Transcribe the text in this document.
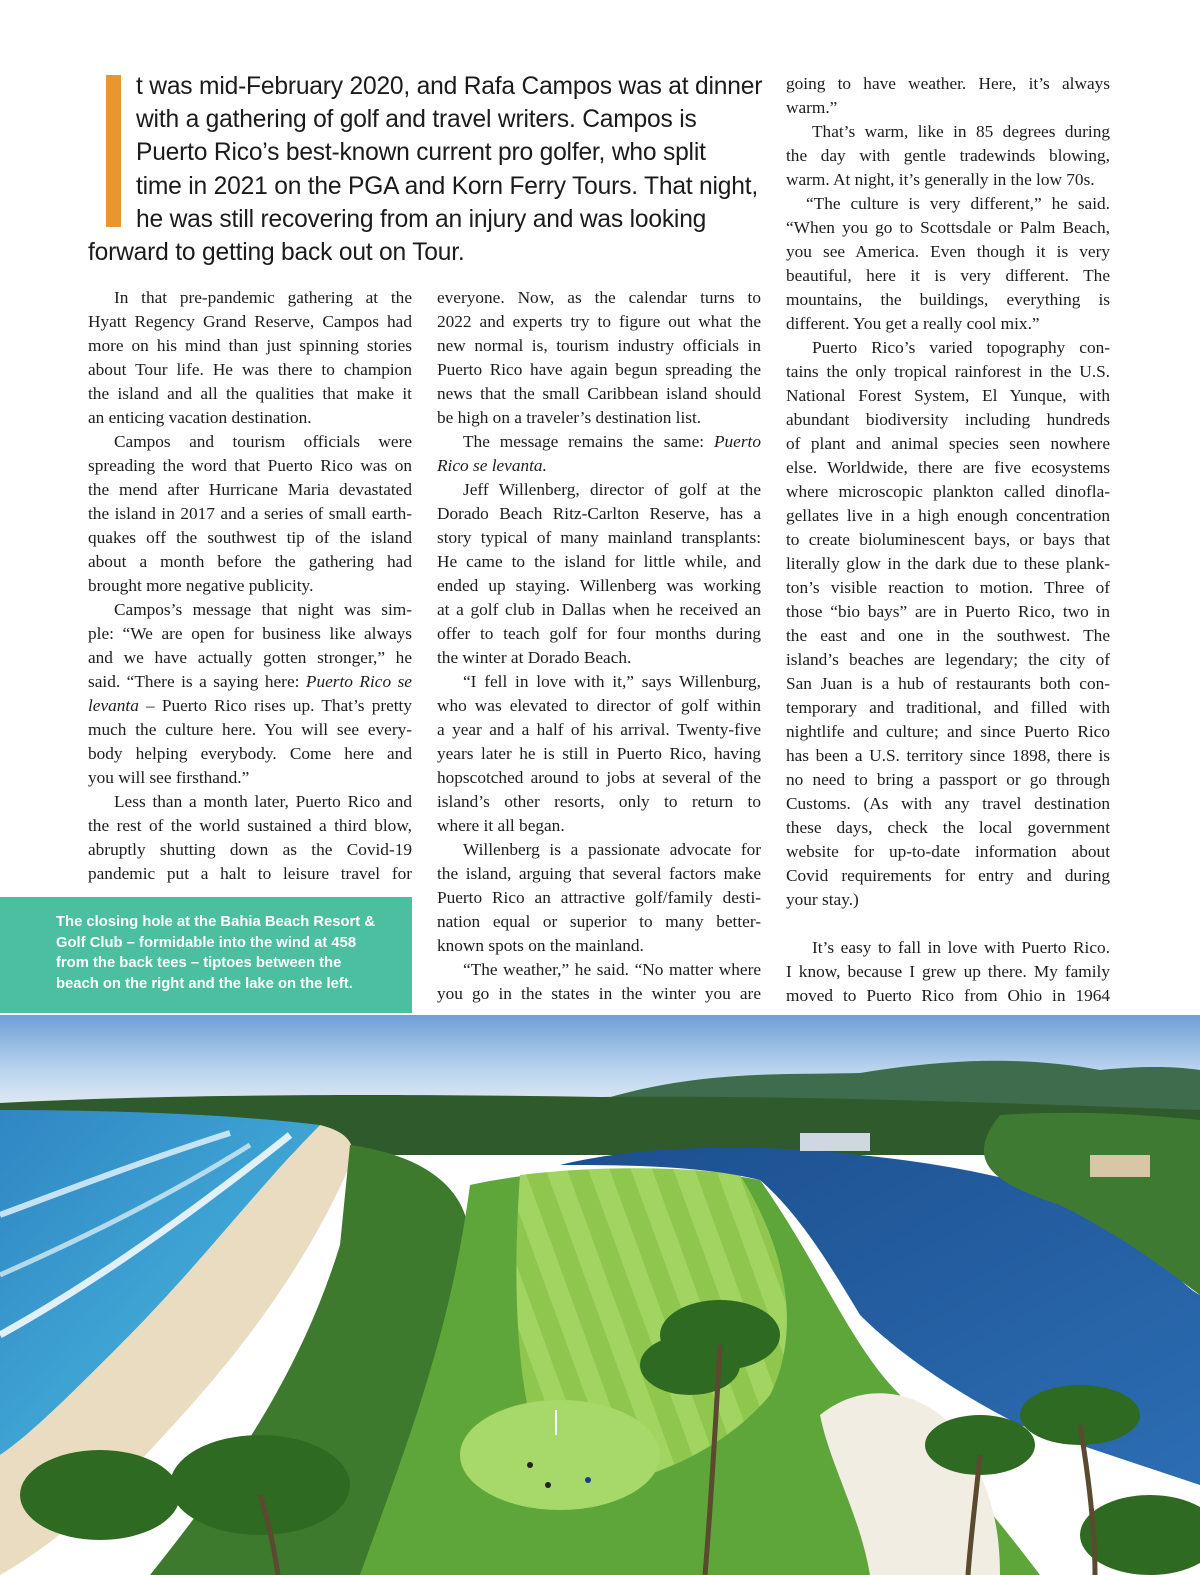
t was mid-February 2020, and Rafa Campos was at dinner
with a gathering of golf and travel writers. Campos is
Puerto Rico’s best-known current pro golfer, who split
time in 2021 on the PGA and Korn Ferry Tours. That night,
he was still recovering from an injury and was looking
forward to getting back out on Tour.
In that pre-pandemic gathering at the
Hyatt Regency Grand Reserve, Campos had
more on his mind than just spinning stories
about Tour life. He was there to champion
the island and all the qualities that make it
an enticing vacation destination.
Campos and tourism officials were
spreading the word that Puerto Rico was on
the mend after Hurricane Maria devastated
the island in 2017 and a series of small earth-
quakes off the southwest tip of the island
about a month before the gathering had
brought more negative publicity.
Campos’s message that night was sim-
ple: “We are open for business like always
and we have actually gotten stronger,” he
said. “There is a saying here: Puerto Rico se
levanta – Puerto Rico rises up. That’s pretty
much the culture here. You will see every-
body helping everybody. Come here and
you will see firsthand.”
Less than a month later, Puerto Rico and
the rest of the world sustained a third blow,
abruptly shutting down as the Covid-19
pandemic put a halt to leisure travel for
everyone. Now, as the calendar turns to
2022 and experts try to figure out what the
new normal is, tourism industry officials in
Puerto Rico have again begun spreading the
news that the small Caribbean island should
be high on a traveler’s destination list.
The message remains the same: Puerto
Rico se levanta.
Jeff Willenberg, director of golf at the
Dorado Beach Ritz-Carlton Reserve, has a
story typical of many mainland transplants:
He came to the island for little while, and
ended up staying. Willenberg was working
at a golf club in Dallas when he received an
offer to teach golf for four months during
the winter at Dorado Beach.
“I fell in love with it,” says Willenburg,
who was elevated to director of golf within
a year and a half of his arrival. Twenty-five
years later he is still in Puerto Rico, having
hopscotched around to jobs at several of the
island’s other resorts, only to return to
where it all began.
Willenberg is a passionate advocate for
the island, arguing that several factors make
Puerto Rico an attractive golf/family desti-
nation equal or superior to many better-
known spots on the mainland.
“The weather,” he said. “No matter where
you go in the states in the winter you are
going to have weather. Here, it’s always
warm.”
That’s warm, like in 85 degrees during
the day with gentle tradewinds blowing,
warm. At night, it’s generally in the low 70s.
“The culture is very different,” he said.
“When you go to Scottsdale or Palm Beach,
you see America. Even though it is very
beautiful, here it is very different. The
mountains, the buildings, everything is
different. You get a really cool mix.”
Puerto Rico’s varied topography con-
tains the only tropical rainforest in the U.S.
National Forest System, El Yunque, with
abundant biodiversity including hundreds
of plant and animal species seen nowhere
else. Worldwide, there are five ecosystems
where microscopic plankton called dinofla-
gellates live in a high enough concentration
to create bioluminescent bays, or bays that
literally glow in the dark due to these plank-
ton’s visible reaction to motion. Three of
those “bio bays” are in Puerto Rico, two in
the east and one in the southwest. The
island’s beaches are legendary; the city of
San Juan is a hub of restaurants both con-
temporary and traditional, and filled with
nightlife and culture; and since Puerto Rico
has been a U.S. territory since 1898, there is
no need to bring a passport or go through
Customs. (As with any travel destination
these days, check the local government
website for up-to-date information about
Covid requirements for entry and during
your stay.)
It’s easy to fall in love with Puerto Rico.
I know, because I grew up there. My family
moved to Puerto Rico from Ohio in 1964
The closing hole at the Bahia Beach Resort &
Golf Club – formidable into the wind at 458
from the back tees – tiptoes between the
beach on the right and the lake on the left.
